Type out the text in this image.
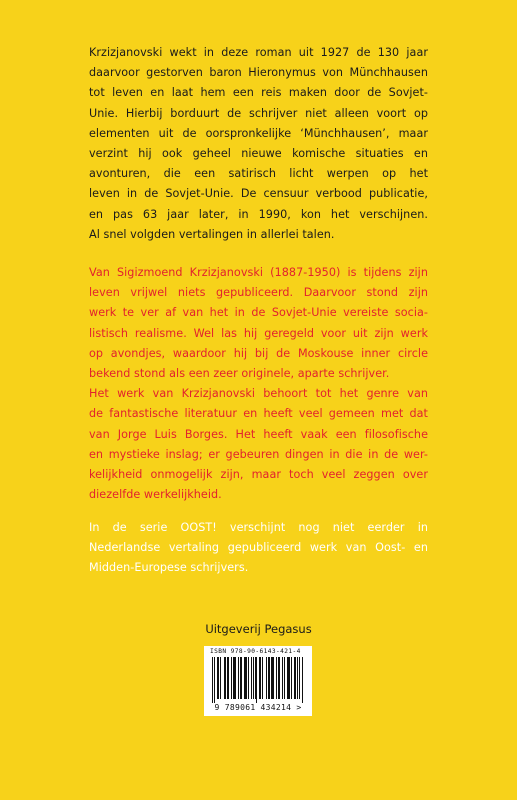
Krzizjanovski wekt in deze roman uit 1927 de 130 jaar
daarvoor gestorven baron Hieronymus von Münchhausen
tot leven en laat hem een reis maken door de Sovjet-
Unie. Hierbij borduurt de schrijver niet alleen voort op
elementen uit de oorspronkelijke ‘Münchhausen’, maar
verzint hij ook geheel nieuwe komische situaties en
avonturen, die een satirisch licht werpen op het
leven in de Sovjet-Unie. De censuur verbood publicatie,
en pas 63 jaar later, in 1990, kon het verschijnen.
Al snel volgden vertalingen in allerlei talen.

Van Sigizmoend Krzizjanovski (1887-1950) is tijdens zijn
leven vrijwel niets gepubliceerd. Daarvoor stond zijn
werk te ver af van het in de Sovjet-Unie vereiste socia-
listisch realisme. Wel las hij geregeld voor uit zijn werk
op avondjes, waardoor hij bij de Moskouse inner circle
bekend stond als een zeer originele, aparte schrijver.
Het werk van Krzizjanovski behoort tot het genre van
de fantastische literatuur en heeft veel gemeen met dat
van Jorge Luis Borges. Het heeft vaak een filosofische
en mystieke inslag; er gebeuren dingen in die in de wer-
kelijkheid onmogelijk zijn, maar toch veel zeggen over
diezelfde werkelijkheid.

In de serie OOST! verschijnt nog niet eerder in
Nederlandse vertaling gepubliceerd werk van Oost- en
Midden-Europese schrijvers.

Uitgeverij Pegasus
ISBN 978-90-6143-421-4
9 789061 434214 >
